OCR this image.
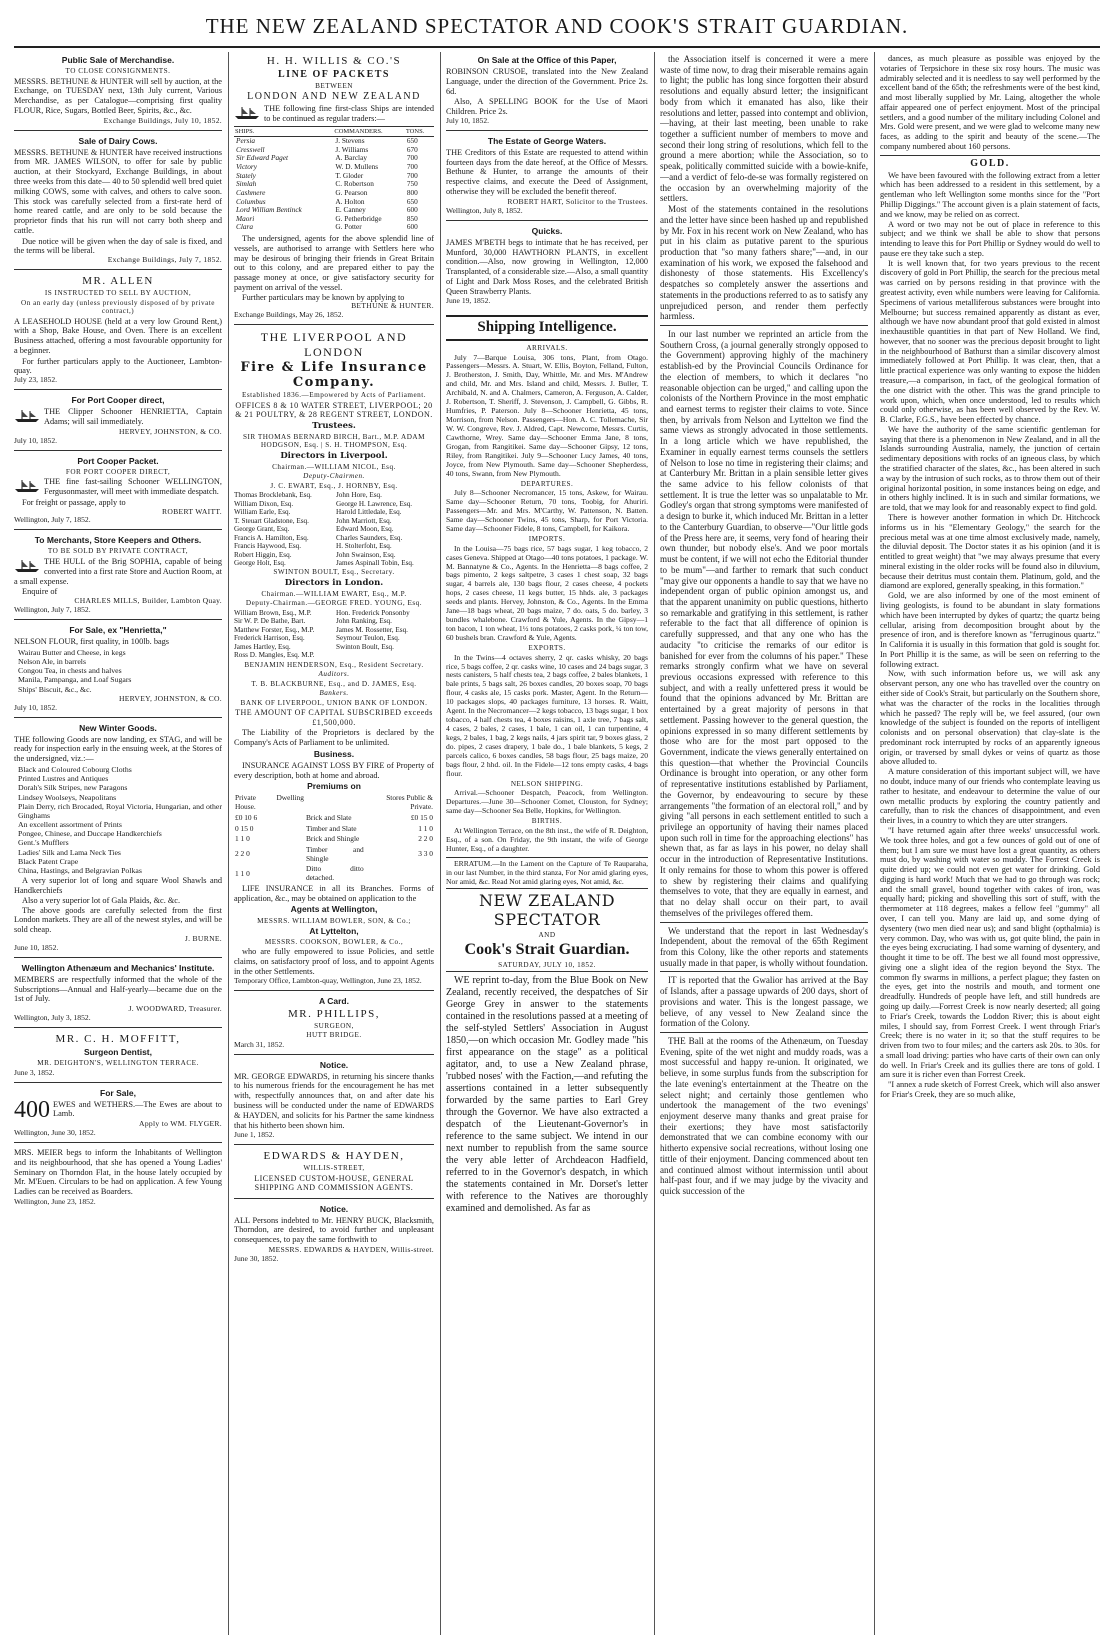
THE NEW ZEALAND SPECTATOR AND COOK'S STRAIT GUARDIAN.
Public Sale of Merchandise.
TO CLOSE CONSIGNMENTS.

MESSRS. BETHUNE & HUNTER will sell by auction, at the Exchange, on TUESDAY next, 13th July current, Various Merchandise, as per Catalogue—comprising first quality FLOUR, Rice, Sugars, Bottled Beer, Spirits, &c., &c.

Exchange Buildings, July 10, 1852.
Sale of Dairy Cows.

MESSRS. BETHUNE & HUNTER have received instructions from MR. JAMES WILSON, to offer for sale by public auction, at their Stockyard, Exchange Buildings, in about three weeks from this date— 40 to 50 splendid well bred quiet milking COWS, some with calves, and others to calve soon. This stock was carefully selected from a first-rate herd of home reared cattle, and are only to be sold because the proprietor finds that his run will not carry both sheep and cattle.

Due notice will be given when the day of sale is fixed, and the terms will be liberal.

Exchange Buildings, July 7, 1852.
MR. ALLEN
IS INSTRUCTED TO SELL BY AUCTION,
On an early day (unless previously disposed of by private contract,)

A LEASEHOLD HOUSE (held at a very low Ground Rent,) with a Shop, Bake House, and Oven. There is an excellent Business attached, offering a most favourable opportunity for a beginner.

For further particulars apply to the Auctioneer, Lambton-quay.

July 23, 1852.
For Port Cooper direct,

THE Clipper Schooner HENRIETTA, Captain Adams; will sail immediately.

HERVEY, JOHNSTON, & CO.
July 10, 1852.
Port Cooper Packet.
FOR PORT COOPER DIRECT,

THE fine fast-sailing Schooner WELLINGTON, Fergusonmaster, will meet with immediate despatch.

For freight or passage, apply to

ROBERT WAITT.
Wellington, July 7, 1852.
To Merchants, Store Keepers and Others.
TO BE SOLD BY PRIVATE CONTRACT,

THE HULL of the Brig SOPHIA, capable of being converted into a first rate Store and Auction Room, at a small expense.

Enquire of

CHARLES MILLS, Builder, Lambton Quay.
Wellington, July 7, 1852.
For Sale, ex "Henrietta,"

NELSON FLOUR, first quality, in 100lb. bags

Wairau Butter and Cheese, in kegs
Nelson Ale, in barrels
Congou Tea, in chests and halves
Manila, Pampanga, and Loaf Sugars
Ships' Biscuit, &c., &c.
HERVEY, JOHNSTON, & CO.
July 10, 1852.
New Winter Goods.

THE following Goods are now landing, ex STAG, and will be ready for inspection early in the ensuing week, at the Stores of the undersigned, viz.:—

Black and Coloured Cobourg Cloths
Printed Lustres and Antiques
Dorah's Silk Stripes, new Paragons
Lindsey Woolseys, Neapolitans
Plain Derry, rich Brocaded, Royal Victoria, Hungarian, and other Ginghams
An excellent assortment of Prints
Pongee, Chinese, and Duccape Handkerchiefs
Gent.'s Mufflers
Ladies' Silk and Lama Neck Ties
Black Patent Crape
China, Hastings, and Belgravian Polkas

A very superior lot of long and square Wool Shawls and Handkerchiefs

Also a very superior lot of Gala Plaids, &c. &c.

The above goods are carefully selected from the first London markets. They are all of the newest styles, and will be sold cheap.

J. BURNE.
June 10, 1852.
Wellington Athenæum and Mechanics' Institute.

MEMBERS are respectfully informed that the whole of the Subscriptions—Annual and Half-yearly—became due on the 1st of July.

J. WOODWARD, Treasurer.
Wellington, July 3, 1852.
MR. C. H. MOFFITT,
Surgeon Dentist,
MR. DEIGHTON'S, WELLINGTON TERRACE.
June 3, 1852.
For Sale,
400 EWES and WETHERS.—The Ewes are about to Lamb.

Apply to WM. FLYGER.
Wellington, June 30, 1852.

MRS. MEIER begs to inform the Inhabitants of Wellington and its neighbourhood, that she has opened a Young Ladies' Seminary on Thorndon Flat, in the house lately occupied by Mr. M'Euen. Circulars to be had on application. A few Young Ladies can be received as Boarders.

Wellington, June 23, 1852.
H. H. WILLIS & CO.'S
LINE OF PACKETS
BETWEEN
LONDON AND NEW ZEALAND

THE following fine first-class Ships are intended to be continued as regular traders:—

SHIPS.	COMMANDERS.	TONS.
Persia	J. Stevens	650
Cresswell	J. Williams	670
Sir Edward Paget	A. Barclay	700
Victory	W. D. Mullens	700
Stately	T. Gloder	700
Simlah	C. Robertson	750
Cashmere	G. Pearson	800
Columbus	A. Holton	650
Lord William Bentinck	E. Canney	600
Maori	G. Petherbridge	850
Clara	G. Potter	600

The undersigned, agents for the above splendid line of vessels, are authorised to arrange with Settlers here who may be desirous of bringing their friends in Great Britain out to this colony, and are prepared either to pay the passage money at once, or give satisfactory security for payment on arrival of the vessel.

Further particulars may be known by applying to

BETHUNE & HUNTER.
Exchange Buildings, May 26, 1852.
THE LIVERPOOL AND LONDON
Fire & Life Insurance Company.
Established 1836.—Empowered by Acts of Parliament.
OFFICES 8 & 10 WATER STREET, LIVERPOOL; 20 & 21 POULTRY, & 28 REGENT STREET, LONDON.
Trustees.
SIR THOMAS BERNARD BIRCH, Bart., M.P. ADAM HODGSON, Esq. | S. H. THOMPSON, Esq.
Directors in Liverpool.
Chairman.—WILLIAM NICOL, Esq.
Deputy-Chairmen.
J. C. EWART, Esq., J. HORNBY, Esq.
Thomas Brocklebank, Esq.
William Dixon, Esq.
William Earle, Esq.
T. Steuart Gladstone, Esq.
George Grant, Esq.
Francis A. Hamilton, Esq.
Francis Haywood, Esq.
Robert Higgin, Esq.
George Holt, Esq.
John Hore, Esq.
George H. Lawrence, Esq.
Harold Littledale, Esq.
John Marriott, Esq.
Edward Moon, Esq.
Charles Saunders, Esq.
H. Stolterfoht, Esq.
John Swainson, Esq.
James Aspinall Tobin, Esq.
SWINTON BOULT, Esq., Secretary.
Directors in London.
Chairman.—WILLIAM EWART, Esq., M.P.
Deputy-Chairman.—GEORGE FRED. YOUNG, Esq.
William Brown, Esq., M.P.
Sir W. P. De Bathe, Bart.
Matthew Forster, Esq., M.P.
Frederick Harrison, Esq.
James Hartley, Esq.
Ross D. Mangles, Esq. M.P.
Hon. Frederick Ponsonby
John Ranking, Esq.
James M. Rossetter, Esq.
Seymour Teulon, Esq.
Swinton Boult, Esq.
BENJAMIN HENDERSON, Esq., Resident Secretary.
Auditors.
T. B. BLACKBURNE, Esq., and D. JAMES, Esq.
Bankers.
BANK OF LIVERPOOL, UNION BANK OF LONDON.
THE AMOUNT OF CAPITAL SUBSCRIBED exceeds £1,500,000.

The Liability of the Proprietors is declared by the Company's Acts of Parliament to be unlimited.

Business.

INSURANCE AGAINST LOSS BY FIRE of Property of every description, both at home and abroad.

Premiums on
Private Dwelling House.		Stores Public & Private.
£0 10 6	Brick and Slate	£0 15 0
0 15 0	Timber and Slate	1 1 0
1 1 0	Brick and Shingle	2 2 0
2 2 0	Timber and Shingle	3 3 0
1 1 0	Ditto ditto detached.	

LIFE INSURANCE in all its Branches. Forms of application, &c., may be obtained on application to the

Agents at Wellington,
MESSRS. WILLIAM BOWLER, SON, & Co.;
At Lyttelton,
MESSRS. COOKSON, BOWLER, & Co.,

who are fully empowered to issue Policies, and settle claims, on satisfactory proof of loss, and to appoint Agents in the other Settlements.

Temporary Office, Lambton-quay, Wellington, June 23, 1852.
A Card.
MR. PHILLIPS,
SURGEON,
HUTT BRIDGE.
March 31, 1852.
Notice.

MR. GEORGE EDWARDS, in returning his sincere thanks to his numerous friends for the encouragement he has met with, respectfully announces that, on and after date his business will be conducted under the name of EDWARDS & HAYDEN, and solicits for his Partner the same kindness that his hitherto been shown him.

June 1, 1852.
EDWARDS & HAYDEN,
WILLIS-STREET,
LICENSED CUSTOM-HOUSE, GENERAL SHIPPING AND COMMISSION AGENTS.
Notice.

ALL Persons indebted to Mr. HENRY BUCK, Blacksmith, Thorndon, are desired, to avoid further and unpleasant consequences, to pay the same forthwith to

MESSRS. EDWARDS & HAYDEN, Willis-street.
June 30, 1852.
On Sale at the Office of this Paper,

ROBINSON CRUSOE, translated into the New Zealand Language, under the direction of the Government. Price 2s. 6d.

Also, A SPELLING BOOK for the Use of Maori Children. Price 2s.

July 10, 1852.
The Estate of George Waters.

THE Creditors of this Estate are requested to attend within fourteen days from the date hereof, at the Office of Messrs. Bethune & Hunter, to arrange the amounts of their respective claims, and execute the Deed of Assignment, otherwise they will be excluded the benefit thereof.

ROBERT HART, Solicitor to the Trustees.
Wellington, July 8, 1852.
Quicks.

JAMES M'BETH begs to intimate that he has received, per Munford, 30,000 HAWTHORN PLANTS, in excellent condition.—Also, now growing in Wellington, 12,000 Transplanted, of a considerable size.—Also, a small quantity of Light and Dark Moss Roses, and the celebrated British Queen Strawberry Plants.

June 19, 1852.
Shipping Intelligence.
ARRIVALS.

July 7—Barque Louisa, 306 tons, Plant, from Otago. Passengers—Messrs. A. Stuart, W. Ellis, Boyton, Felland, Fulton, J. Brotherston, J. Smith, Day, Whittle, Mr. and Mrs. M'Andrew and child, Mr. and Mrs. Island and child, Messrs. J. Buller, T. Archibald, N. and A. Chalmers, Cameron, A. Ferguson, A. Calder, J. Robertson, T. Sheriff, J. Stevenson, J. Campbell, G. Gibbs, R. Humfries, P. Paterson. July 8—Schooner Henrietta, 45 tons, Morrison, from Nelson. Passengers—Hon. A. C. Tollemache, Sir W. W. Congreve, Rev. J. Aldred, Capt. Newcome, Messrs. Curtis, Cawthorne, Wrey. Same day—Schooner Emma Jane, 8 tons, Grogan, from Rangitikei. Same day—Schooner Gipsy, 12 tons, Riley, from Rangitikei. July 9—Schooner Lucy James, 40 tons, Joyce, from New Plymouth. Same day—Schooner Shepherdess, 40 tons, Swann, from New Plymouth.

DEPARTURES.

July 8—Schooner Necromancer, 15 tons, Askew, for Wairau. Same day—Schooner Return, 70 tons, Toobig, for Ahuriri. Passengers—Mr. and Mrs. M'Carthy, W. Pattenson, N. Batten. Same day—Schooner Twins, 45 tons, Sharp, for Port Victoria. Same day—Schooner Fidele, 8 tons, Campbell, for Kaikora.

IMPORTS.

In the Louisa—75 bags rice, 57 bags sugar, 1 keg tobacco, 2 cases Geneva. Shipped at Otago—40 tons potatoes, 1 package. W. M. Bannatyne & Co., Agents. In the Henrietta—8 bags coffee, 2 bags pimento, 2 kegs saltpetre, 3 cases 1 chest soap, 32 bags sugar, 4 barrels ale, 130 bags flour, 2 cases cheese, 4 pockets hops, 2 cases cheese, 11 kegs butter, 15 hhds. ale, 3 packages seeds and plants. Hervey, Johnston, & Co., Agents. In the Emma Jane—18 bags wheat, 20 bags maize, 7 do. oats, 5 do. barley, 3 bundles whalebone. Crawford & Yule, Agents. In the Gipsy—1 ton bacon, 1 ton wheat, 1½ tons potatoes, 2 casks pork, ¼ ton tow, 60 bushels bran. Crawford & Yule, Agents.

EXPORTS.

In the Twins—4 octaves sherry, 2 qr. casks whisky, 20 bags rice, 5 bags coffee, 2 qr. casks wine, 10 cases and 24 bags sugar, 3 nests canisters, 5 half chests tea, 2 bags coffee, 2 bales blankets, 1 bale prints, 5 bags salt, 26 boxes candles, 20 boxes soap, 70 bags flour, 4 casks ale, 15 casks pork. Master, Agent. In the Return—10 packages slops, 40 packages furniture, 13 horses. R. Waitt, Agent. In the Necromancer—2 kegs tobacco, 13 bags sugar, 1 box tobacco, 4 half chests tea, 4 boxes raisins, 1 axle tree, 7 bags salt, 4 cases, 2 bales, 2 cases, 1 bale, 1 can oil, 1 can turpentine, 4 kegs, 2 bales, 1 bag, 2 kegs nails, 4 jars spirit tar, 9 boxes glass, 2 do. pipes, 2 cases drapery, 1 bale do., 1 bale blankets, 5 kegs, 2 parcels calico, 6 boxes candles, 58 bags flour, 25 bags maize, 20 bags flour, 2 hhd. oil. In the Fidele—12 tons empty casks, 4 bags flour.

NELSON SHIPPING.

Arrival.—Schooner Despatch, Peacock, from Wellington. Departures.—June 30—Schooner Comet, Clouston, for Sydney; same day—Schooner Sea Belle, Hopkins, for Wellington.

BIRTHS.

At Wellington Terrace, on the 8th inst., the wife of R. Deighton, Esq., of a son. On Friday, the 9th instant, the wife of George Hunter, Esq., of a daughter.

ERRATUM.—In the Lament on the Capture of Te Rauparaha, in our last Number, in the third stanza, For Nor amid glaring eyes, Nor amid, &c. Read Not amid glaring eyes, Not amid, &c.

NEW ZEALAND SPECTATOR
AND
Cook's Strait Guardian.
SATURDAY, JULY 10, 1852.

WE reprint to-day, from the Blue Book on New Zealand, recently received, the despatches of Sir George Grey in answer to the statements contained in the resolutions passed at a meeting of the self-styled Settlers' Association in August 1850,—on which occasion Mr. Godley made "his first appearance on the stage" as a political agitator, and, to use a New Zealand phrase, 'rubbed noses' with the Faction,—and refuting the assertions contained in a letter subsequently forwarded by the same parties to Earl Grey through the Governor. We have also extracted a despatch of the Lieutenant-Governor's in reference to the same subject. We intend in our next number to republish from the same source the very able letter of Archdeacon Hadfield, referred to in the Governor's despatch, in which the statements contained in Mr. Dorset's letter with reference to the Natives are thoroughly examined and demolished. As far as

the Association itself is concerned it were a mere waste of time now, to drag their miserable remains again to light; the public has long since forgotten their absurd resolutions and equally absurd letter; the insignificant body from which it emanated has also, like their resolutions and letter, passed into contempt and oblivion,—having, at their last meeting, been unable to rake together a sufficient number of members to move and second their long string of resolutions, which fell to the ground a mere abortion; while the Association, so to speak, politically committed suicide with a bowie-knife,—and a verdict of felo-de-se was formally registered on the occasion by an overwhelming majority of the settlers.

Most of the statements contained in the resolutions and the letter have since been hashed up and republished by Mr. Fox in his recent work on New Zealand, who has put in his claim as putative parent to the spurious production that "so many fathers share;"—and, in our examination of his work, we exposed the falsehood and dishonesty of those statements. His Excellency's despatches so completely answer the assertions and statements in the productions referred to as to satisfy any unprejudiced person, and render them perfectly harmless.

In our last number we reprinted an article from the Southern Cross, (a journal generally strongly opposed to the Government) approving highly of the machinery establish-ed by the Provincial Councils Ordinance for the election of members, to which it declares "no reasonable objection can be urged," and calling upon the colonists of the Northern Province in the most emphatic and earnest terms to register their claims to vote. Since then, by arrivals from Nelson and Lyttelton we find the same views as strongly advocated in those settlements. In a long article which we have republished, the Examiner in equally earnest terms counsels the settlers of Nelson to lose no time in registering their claims; and at Canterbury Mr. Brittan in a plain sensible letter gives the same advice to his fellow colonists of that settlement. It is true the letter was so unpalatable to Mr. Godley's organ that strong symptoms were manifested of a design to burke it, which induced Mr. Brittan in a letter to the Canterbury Guardian, to observe—"Our little gods of the Press here are, it seems, very fond of hearing their own thunder, but nobody else's. And we poor mortals must be content, if we will not echo the Editorial thunder to be mum"—and farther to remark that such conduct "may give our opponents a handle to say that we have no independent organ of public opinion amongst us, and that the apparent unanimity on public questions, hitherto so remarkable and gratifying in this settlement, is rather referable to the fact that all difference of opinion is carefully suppressed, and that any one who has the audacity "to criticise the remarks of our editor is banished for ever from the columns of his paper." These remarks strongly confirm what we have on several previous occasions expressed with reference to this subject, and with a really unfettered press it would be found that the opinions advanced by Mr. Brittan are entertained by a great majority of persons in that settlement. Passing however to the general question, the opinions expressed in so many different settlements by those who are for the most part opposed to the Government, indicate the views generally entertained on this question—that whether the Provincial Councils Ordinance is brought into operation, or any other form of representative institutions established by Parliament, the Governor, by endeavouring to secure by these arrangements "the formation of an electoral roll," and by giving "all persons in each settlement entitled to such a privilege an opportunity of having their names placed upon such roll in time for the approaching elections" has shewn that, as far as lays in his power, no delay shall occur in the introduction of Representative Institutions. It only remains for those to whom this power is offered to shew by registering their claims and qualifying themselves to vote, that they are equally in earnest, and that no delay shall occur on their part, to avail themselves of the privileges offered them.

We understand that the report in last Wednesday's Independent, about the removal of the 65th Regiment from this Colony, like the other reports and statements usually made in that paper, is wholly without foundation.

IT is reported that the Gwalior has arrived at the Bay of Islands, after a passage upwards of 200 days, short of provisions and water. This is the longest passage, we believe, of any vessel to New Zealand since the formation of the Colony.

THE Ball at the rooms of the Athenæum, on Tuesday Evening, spite of the wet night and muddy roads, was a most successful and happy re-union. It originated, we believe, in some surplus funds from the subscription for the late evening's entertainment at the Theatre on the select night; and certainly those gentlemen who undertook the management of the two evenings' enjoyment deserve many thanks and great praise for their exertions; they have most satisfactorily demonstrated that we can combine economy with our hitherto expensive social recreations, without losing one tittle of their enjoyment. Dancing commenced about ten and continued almost without intermission until about half-past four, and if we may judge by the vivacity and quick succession of the

dances, as much pleasure as possible was enjoyed by the votaries of Terpsichore in these six rosy hours. The music was admirably selected and it is needless to say well performed by the excellent band of the 65th; the refreshments were of the best kind, and most liberally supplied by Mr. Laing, altogether the whole affair appeared one of perfect enjoyment. Most of the principal settlers, and a good number of the military including Colonel and Mrs. Gold were present, and we were glad to welcome many new faces, as adding to the spirit and beauty of the scene.—The company numbered about 160 persons.

GOLD.

We have been favoured with the following extract from a letter which has been addressed to a resident in this settlement, by a gentleman who left Wellington some months since for the "Port Phillip Diggings." The account given is a plain statement of facts, and we know, may be relied on as correct.

A word or two may not be out of place in reference to this subject; and we think we shall be able to show that persons intending to leave this for Port Phillip or Sydney would do well to pause ere they take such a step.

It is well known that, for two years previous to the recent discovery of gold in Port Phillip, the search for the precious metal was carried on by persons residing in that province with the greatest activity, even while numbers were leaving for California. Specimens of various metalliferous substances were brought into Melbourne; but success remained apparently as distant as ever, although we have now abundant proof that gold existed in almost inexhaustible quantities in that part of New Holland. We find, however, that no sooner was the precious deposit brought to light in the neighbourhood of Bathurst than a similar discovery almost immediately followed at Port Phillip. It was clear, then, that a little practical experience was only wanting to expose the hidden treasure,—a comparison, in fact, of the geological formation of the one district with the other. This was the grand principle to work upon, which, when once understood, led to results which could only otherwise, as has been well observed by the Rev. W. B. Clarke, F.G.S., have been effected by chance.

We have the authority of the same scientific gentleman for saying that there is a phenomenon in New Zealand, and in all the Islands surrounding Australia, namely, the junction of certain sedimentary depositions with rocks of an igneous class, by which the stratified character of the slates, &c., has been altered in such a way by the intrusion of such rocks, as to throw them out of their original horizontal position, in some instances being on edge, and in others highly inclined. It is in such and similar formations, we are told, that we may look for and reasonably expect to find gold.

There is however another formation in which Dr. Hitchcock informs us in his "Elementary Geology," the search for the precious metal was at one time almost exclusively made, namely, the diluvial deposit. The Doctor states it as his opinion (and it is entitled to great weight) that "we may always presume that every mineral existing in the older rocks will be found also in diluvium, because their detritus must contain them. Platinum, gold, and the diamond are explored, generally speaking, in this formation."

Gold, we are also informed by one of the most eminent of living geologists, is found to be abundant in slaty formations which have been interrupted by dykes of quartz; the quartz being cellular, arising from decomposition brought about by the presence of iron, and is therefore known as "ferruginous quartz." In California it is usually in this formation that gold is sought for. In Port Phillip it is the same, as will be seen on referring to the following extract.

Now, with such information before us, we will ask any observant person, any one who has travelled over the country on either side of Cook's Strait, but particularly on the Southern shore, what was the character of the rocks in the localities through which he passed? The reply will be, we feel assured, (our own knowledge of the subject is founded on the reports of intelligent colonists and on personal observation) that clay-slate is the predominant rock interrupted by rocks of an apparently igneous origin, or traversed by small dykes or veins of quartz as those above alluded to.

A mature consideration of this important subject will, we have no doubt, induce many of our friends who contemplate leaving us rather to hesitate, and endeavour to determine the value of our own metallic products by exploring the country patiently and carefully, than to risk the chances of disappointment, and even their lives, in a country to which they are utter strangers.

"I have returned again after three weeks' unsuccessful work. We took three holes, and got a few ounces of gold out of one of them; but I am sure we must have lost a great quantity, as others must do, by washing with water so muddy. The Forrest Creek is quite dried up; we could not even get water for drinking. Gold digging is hard work! Much that we had to go through was rock; and the small gravel, bound together with cakes of iron, was equally hard; picking and shovelling this sort of stuff, with the thermometer at 118 degrees, makes a fellow feel "gummy" all over, I can tell you. Many are laid up, and some dying of dysentery (two men died near us); and sand blight (opthalmia) is very common. Day, who was with us, got quite blind, the pain in the eyes being excruciating. I had some warning of dysentery, and thought it time to be off. The best we all found most oppressive, giving one a slight idea of the region beyond the Styx. The common fly swarms in millions, a perfect plague; they fasten on the eyes, get into the nostrils and mouth, and torment one dreadfully. Hundreds of people have left, and still hundreds are going up daily.—Forrest Creek is now nearly deserted; all going to Friar's Creek, towards the Loddon River; this is about eight miles, I should say, from Forrest Creek. I went through Friar's Creek; there is no water in it; so that the stuff requires to be driven from two to four miles; and the carters ask 20s. to 30s. for a small load driving: parties who have carts of their own can only do well. In Friar's Creek and its gullies there are tons of gold. I am sure it is richer even than Forrest Creek.

"I annex a rude sketch of Forrest Creek, which will also answer for Friar's Creek, they are so much alike,
